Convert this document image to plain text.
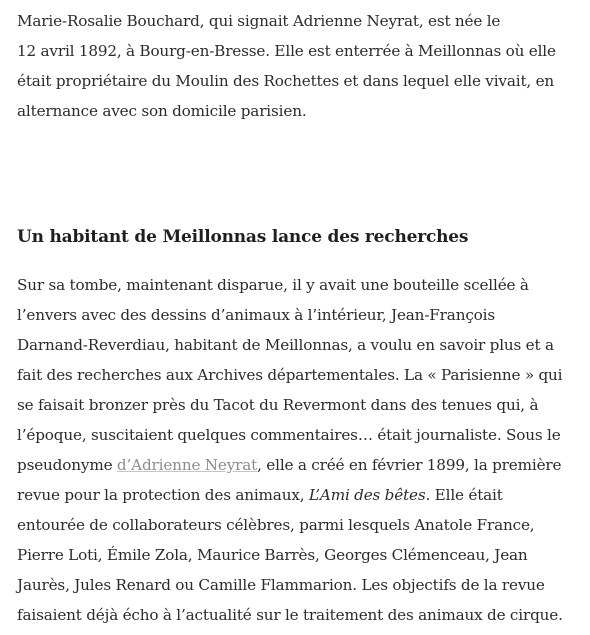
Marie-Rosalie Bouchard, qui signait Adrienne Neyrat, est née le
12 avril 1892, à Bourg-en-Bresse. Elle est enterrée à Meillonnas où elle
était propriétaire du Moulin des Rochettes et dans lequel elle vivait, en
alternance avec son domicile parisien.

Un habitant de Meillonnas lance des recherches

Sur sa tombe, maintenant disparue, il y avait une bouteille scellée à
l’envers avec des dessins d’animaux à l’intérieur, Jean-François
Darnand-Reverdiau, habitant de Meillonnas, a voulu en savoir plus et a
fait des recherches aux Archives départementales. La « Parisienne » qui
se faisait bronzer près du Tacot du Revermont dans des tenues qui, à
l’époque, suscitaient quelques commentaires… était journaliste. Sous le
pseudonyme d’Adrienne Neyrat, elle a créé en février 1899, la première
revue pour la protection des animaux, L’Ami des bêtes. Elle était
entourée de collaborateurs célèbres, parmi lesquels Anatole France,
Pierre Loti, Émile Zola, Maurice Barrès, Georges Clémenceau, Jean
Jaurès, Jules Renard ou Camille Flammarion. Les objectifs de la revue
faisaient déjà écho à l’actualité sur le traitement des animaux de cirque.
